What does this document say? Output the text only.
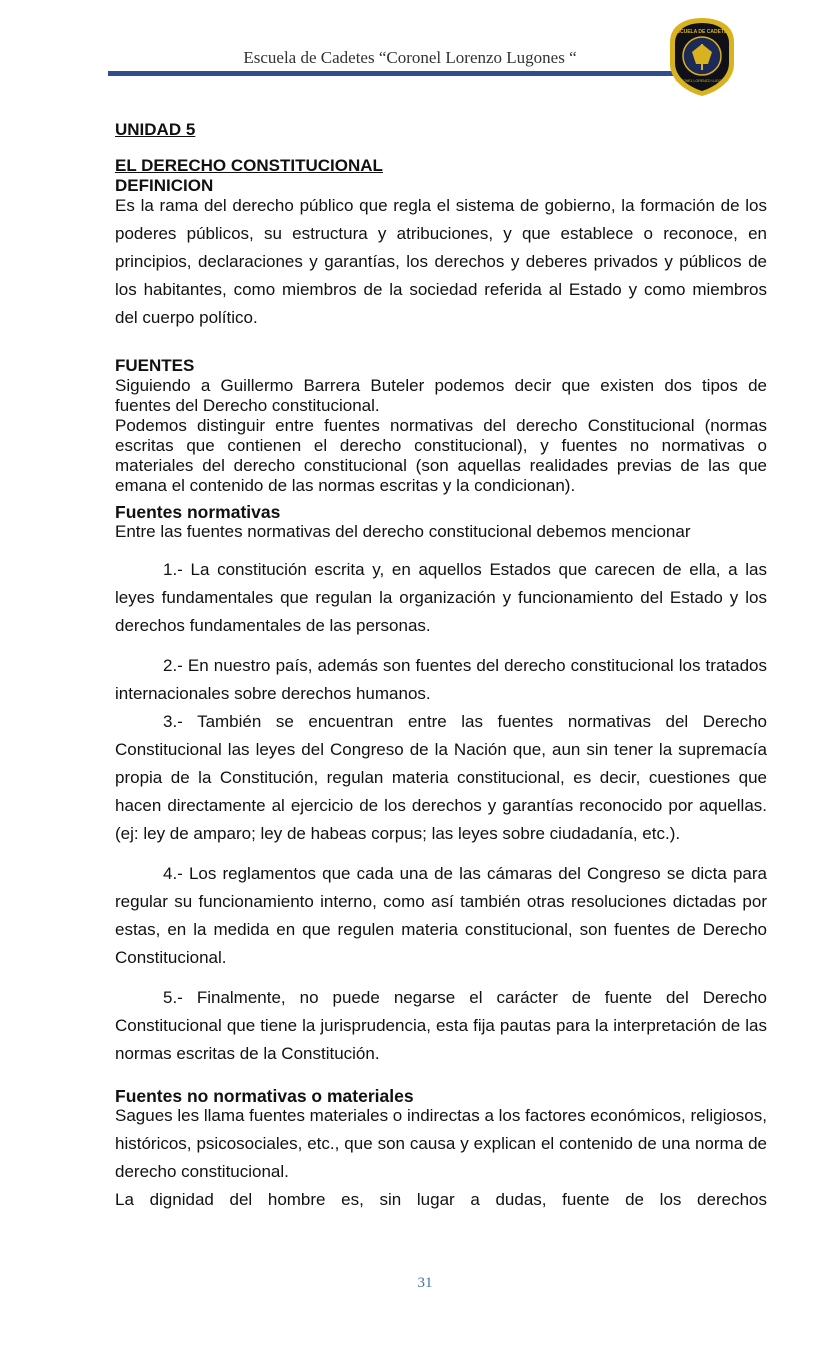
Escuela de Cadetes “Coronel Lorenzo Lugones “
ESCUELA DE CADETES
CORONEL LORENZO LUGONES
UNIDAD 5
EL DERECHO CONSTITUCIONAL
DEFINICION

Es la rama del derecho público que regla el sistema de gobierno, la formación de los poderes públicos, su estructura y atribuciones, y que establece o reconoce, en principios, declaraciones y garantías, los derechos y deberes privados y públicos de los habitantes, como miembros de la sociedad referida al Estado y como miembros del cuerpo político.

FUENTES

Siguiendo a Guillermo Barrera Buteler podemos decir que existen dos tipos de fuentes del Derecho constitucional.

Podemos distinguir entre fuentes normativas del derecho Constitucional (normas escritas que contienen el derecho constitucional), y fuentes no normativas o materiales del derecho constitucional (son aquellas realidades previas de las que emana el contenido de las normas escritas y la condicionan).

Fuentes normativas

Entre las fuentes normativas del derecho constitucional debemos mencionar

1.- La constitución escrita y, en aquellos Estados que carecen de ella, a las leyes fundamentales que regulan la organización y funcionamiento del Estado y los derechos fundamentales de las personas.

2.- En nuestro país, además son fuentes del derecho constitucional los tratados internacionales sobre derechos humanos.

3.- También se encuentran entre las fuentes normativas del Derecho Constitucional las leyes del Congreso de la Nación que, aun sin tener la supremacía propia de la Constitución, regulan materia constitucional, es decir, cuestiones que hacen directamente al ejercicio de los derechos y garantías reconocido por aquellas. (ej: ley de amparo; ley de habeas corpus; las leyes sobre ciudadanía, etc.).

4.- Los reglamentos que cada una de las cámaras del Congreso se dicta para regular su funcionamiento interno, como así también otras resoluciones dictadas por estas, en la medida en que regulen materia constitucional, son fuentes de Derecho Constitucional.

5.- Finalmente, no puede negarse el carácter de fuente del Derecho Constitucional que tiene la jurisprudencia, esta fija pautas para la interpretación de las normas escritas de la Constitución.

Fuentes no normativas o materiales

Sagues les llama fuentes materiales o indirectas a los factores económicos, religiosos, históricos, psicosociales, etc., que son causa y explican el contenido de una norma de derecho constitucional.

La dignidad del hombre es, sin lugar a dudas, fuente de los derechos

31
